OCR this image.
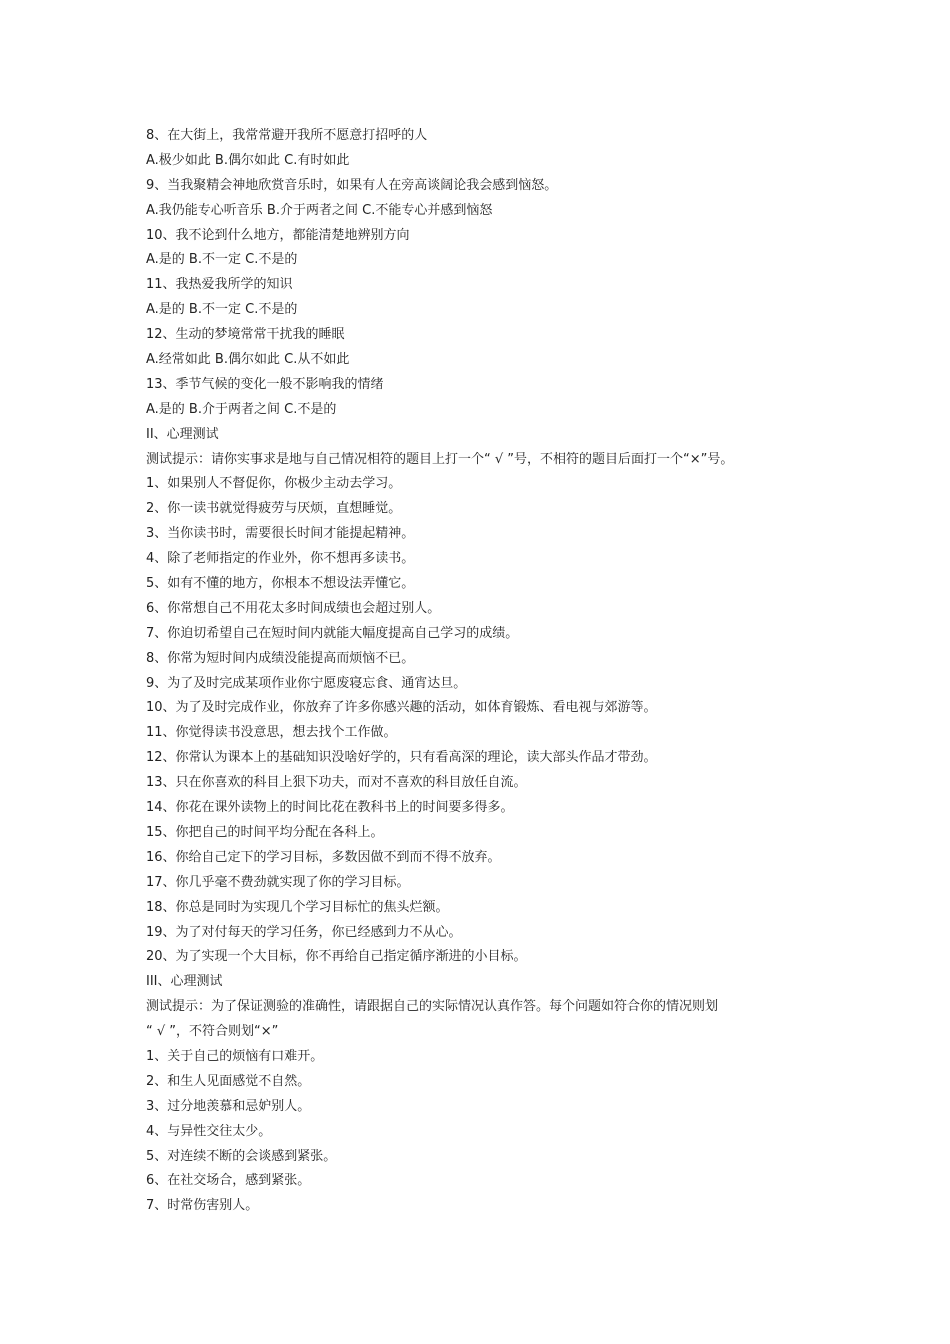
8、在大街上，我常常避开我所不愿意打招呼的人
A.极少如此 B.偶尔如此 C.有时如此
9、当我聚精会神地欣赏音乐时，如果有人在旁高谈阔论我会感到恼怒。
A.我仍能专心听音乐 B.介于两者之间 C.不能专心并感到恼怒
10、我不论到什么地方，都能清楚地辨别方向
A.是的 B.不一定 C.不是的
11、我热爱我所学的知识
A.是的 B.不一定 C.不是的
12、生动的梦境常常干扰我的睡眠
A.经常如此 B.偶尔如此 C.从不如此
13、季节气候的变化一般不影响我的情绪
A.是的 B.介于两者之间 C.不是的
II、心理测试
测试提示：请你实事求是地与自己情况相符的题目上打一个“ √ ”号，不相符的题目后面打一个“×”号。
1、如果别人不督促你，你极少主动去学习。
2、你一读书就觉得疲劳与厌烦，直想睡觉。
3、当你读书时，需要很长时间才能提起精神。
4、除了老师指定的作业外，你不想再多读书。
5、如有不懂的地方，你根本不想设法弄懂它。
6、你常想自己不用花太多时间成绩也会超过别人。
7、你迫切希望自己在短时间内就能大幅度提高自己学习的成绩。
8、你常为短时间内成绩没能提高而烦恼不已。
9、为了及时完成某项作业你宁愿废寝忘食、通宵达旦。
10、为了及时完成作业，你放弃了许多你感兴趣的活动，如体育锻炼、看电视与郊游等。
11、你觉得读书没意思，想去找个工作做。
12、你常认为课本上的基础知识没啥好学的，只有看高深的理论，读大部头作品才带劲。
13、只在你喜欢的科目上狠下功夫，而对不喜欢的科目放任自流。
14、你花在课外读物上的时间比花在教科书上的时间要多得多。
15、你把自己的时间平均分配在各科上。
16、你给自己定下的学习目标，多数因做不到而不得不放弃。
17、你几乎毫不费劲就实现了你的学习目标。
18、你总是同时为实现几个学习目标忙的焦头烂额。
19、为了对付每天的学习任务，你已经感到力不从心。
20、为了实现一个大目标，你不再给自己指定循序渐进的小目标。
III、心理测试
测试提示：为了保证测验的准确性，请跟据自己的实际情况认真作答。每个问题如符合你的情况则划
“ √ ”，不符合则划“×”
1、关于自己的烦恼有口难开。
2、和生人见面感觉不自然。
3、过分地羡慕和忌妒别人。
4、与异性交往太少。
5、对连续不断的会谈感到紧张。
6、在社交场合，感到紧张。
7、时常伤害别人。
